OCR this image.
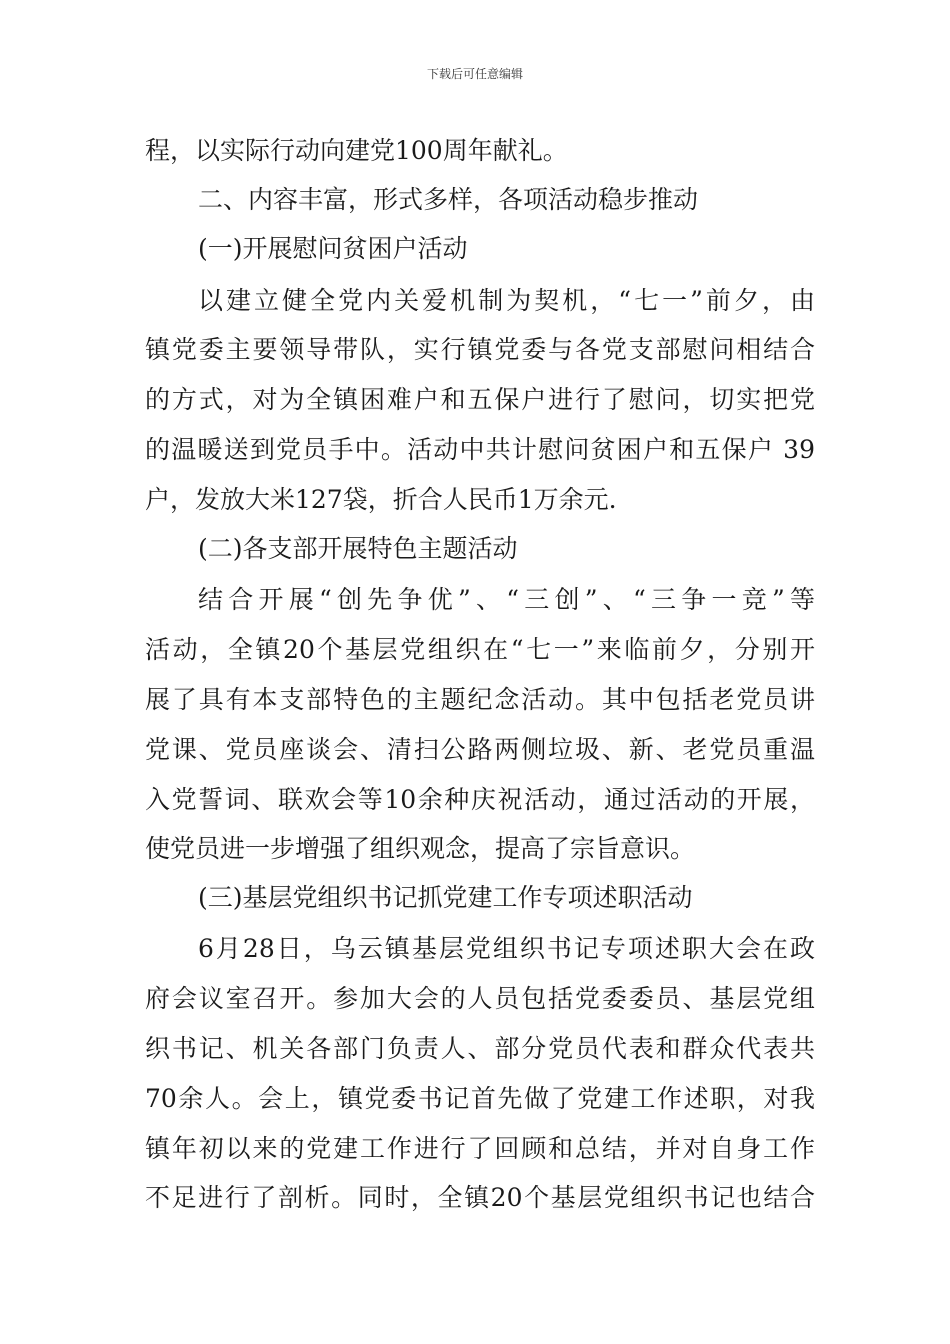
下载后可任意编辑
程，以实际行动向建党100周年献礼。
二、内容丰富，形式多样，各项活动稳步推动
(一)开展慰问贫困户活动
以建立健全党内关爱机制为契机，“七一”前夕，由
镇党委主要领导带队，实行镇党委与各党支部慰问相结合
的方式，对为全镇困难户和五保户进行了慰问，切实把党
的温暖送到党员手中。活动中共计慰问贫困户和五保户 39
户，发放大米127袋，折合人民币1万余元.
(二)各支部开展特色主题活动
结合开展“创先争优”、“三创”、“三争一竞”等
活动，全镇20个基层党组织在“七一”来临前夕，分别开
展了具有本支部特色的主题纪念活动。其中包括老党员讲
党课、党员座谈会、清扫公路两侧垃圾、新、老党员重温
入党誓词、联欢会等10余种庆祝活动，通过活动的开展，
使党员进一步增强了组织观念，提高了宗旨意识。
(三)基层党组织书记抓党建工作专项述职活动
6月28日，乌云镇基层党组织书记专项述职大会在政
府会议室召开。参加大会的人员包括党委委员、基层党组
织书记、机关各部门负责人、部分党员代表和群众代表共
70余人。会上，镇党委书记首先做了党建工作述职，对我
镇年初以来的党建工作进行了回顾和总结，并对自身工作
不足进行了剖析。同时，全镇20个基层党组织书记也结合
